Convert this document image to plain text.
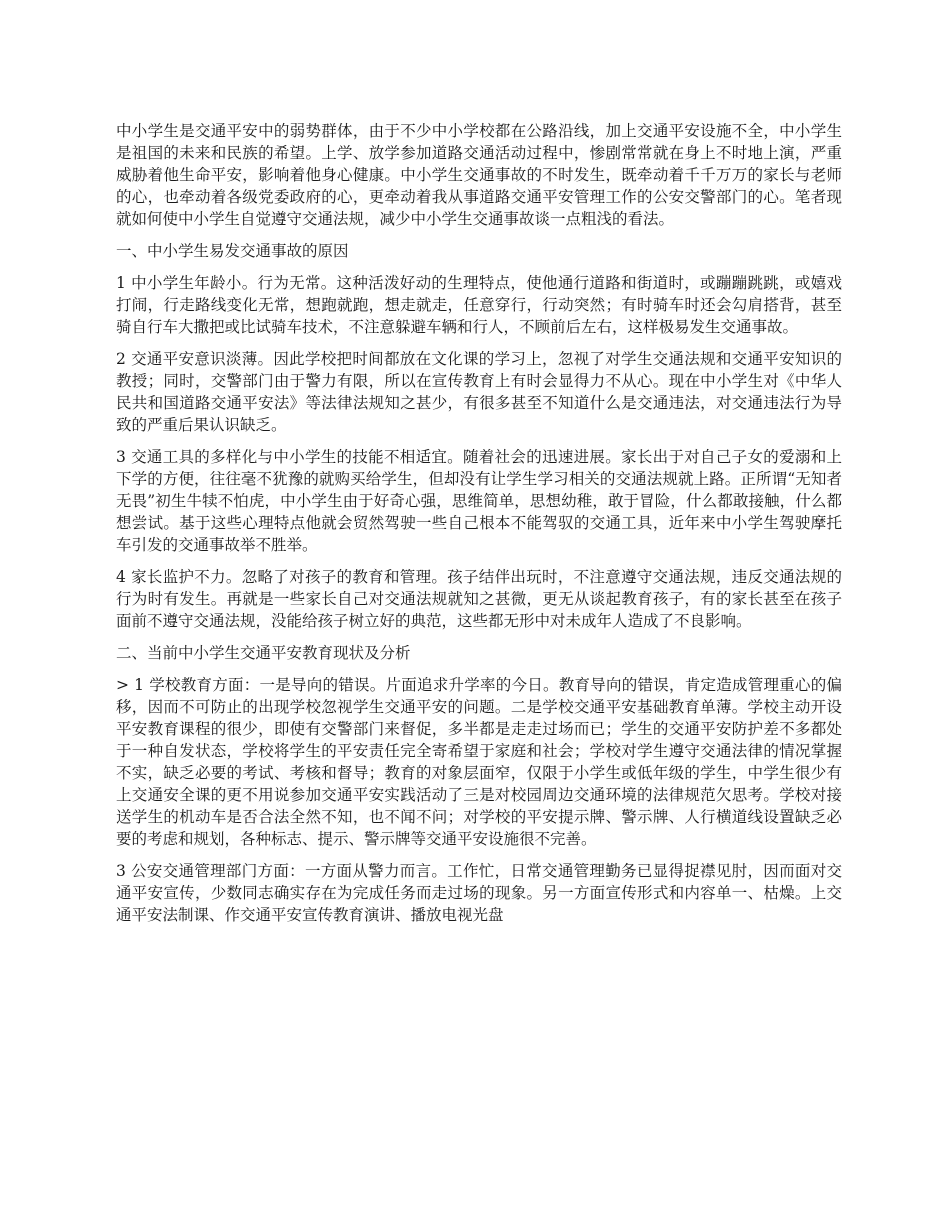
中小学生是交通平安中的弱势群体，由于不少中小学校都在公路沿线，加上交通平安设施不全，中小学生是祖国的未来和民族的希望。上学、放学参加道路交通活动过程中，惨剧常常就在身上不时地上演，严重威胁着他生命平安，影响着他身心健康。中小学生交通事故的不时发生，既牵动着千千万万的家长与老师的心，也牵动着各级党委政府的心，更牵动着我从事道路交通平安管理工作的公安交警部门的心。笔者现就如何使中小学生自觉遵守交通法规，减少中小学生交通事故谈一点粗浅的看法。

一、中小学生易发交通事故的原因

1 中小学生年龄小。行为无常。这种活泼好动的生理特点，使他通行道路和街道时，或蹦蹦跳跳，或嬉戏打闹，行走路线变化无常，想跑就跑，想走就走，任意穿行，行动突然；有时骑车时还会勾肩搭背，甚至骑自行车大撒把或比试骑车技术，不注意躲避车辆和行人，不顾前后左右，这样极易发生交通事故。

2 交通平安意识淡薄。因此学校把时间都放在文化课的学习上，忽视了对学生交通法规和交通平安知识的教授；同时，交警部门由于警力有限，所以在宣传教育上有时会显得力不从心。现在中小学生对《中华人民共和国道路交通平安法》等法律法规知之甚少，有很多甚至不知道什么是交通违法，对交通违法行为导致的严重后果认识缺乏。

3 交通工具的多样化与中小学生的技能不相适宜。随着社会的迅速进展。家长出于对自己子女的爱溺和上下学的方便，往往毫不犹豫的就购买给学生，但却没有让学生学习相关的交通法规就上路。正所谓“无知者无畏”初生牛犊不怕虎，中小学生由于好奇心强，思维简单，思想幼稚，敢于冒险，什么都敢接触，什么都想尝试。基于这些心理特点他就会贸然驾驶一些自己根本不能驾驭的交通工具，近年来中小学生驾驶摩托车引发的交通事故举不胜举。

4 家长监护不力。忽略了对孩子的教育和管理。孩子结伴出玩时，不注意遵守交通法规，违反交通法规的行为时有发生。再就是一些家长自己对交通法规就知之甚微，更无从谈起教育孩子，有的家长甚至在孩子面前不遵守交通法规，没能给孩子树立好的典范，这些都无形中对未成年人造成了不良影响。

二、当前中小学生交通平安教育现状及分析

> 1 学校教育方面：一是导向的错误。片面追求升学率的今日。教育导向的错误，肯定造成管理重心的偏移，因而不可防止的出现学校忽视学生交通平安的问题。二是学校交通平安基础教育单薄。学校主动开设平安教育课程的很少，即使有交警部门来督促，多半都是走走过场而已；学生的交通平安防护差不多都处于一种自发状态，学校将学生的平安责任完全寄希望于家庭和社会；学校对学生遵守交通法律的情况掌握不实，缺乏必要的考试、考核和督导；教育的对象层面窄，仅限于小学生或低年级的学生，中学生很少有上交通安全课的更不用说参加交通平安实践活动了三是对校园周边交通环境的法律规范欠思考。学校对接送学生的机动车是否合法全然不知，也不闻不问；对学校的平安提示牌、警示牌、人行横道线设置缺乏必要的考虑和规划，各种标志、提示、警示牌等交通平安设施很不完善。

3 公安交通管理部门方面：一方面从警力而言。工作忙，日常交通管理勤务已显得捉襟见肘，因而面对交通平安宣传，少数同志确实存在为完成任务而走过场的现象。另一方面宣传形式和内容单一、枯燥。上交通平安法制课、作交通平安宣传教育演讲、播放电视光盘
